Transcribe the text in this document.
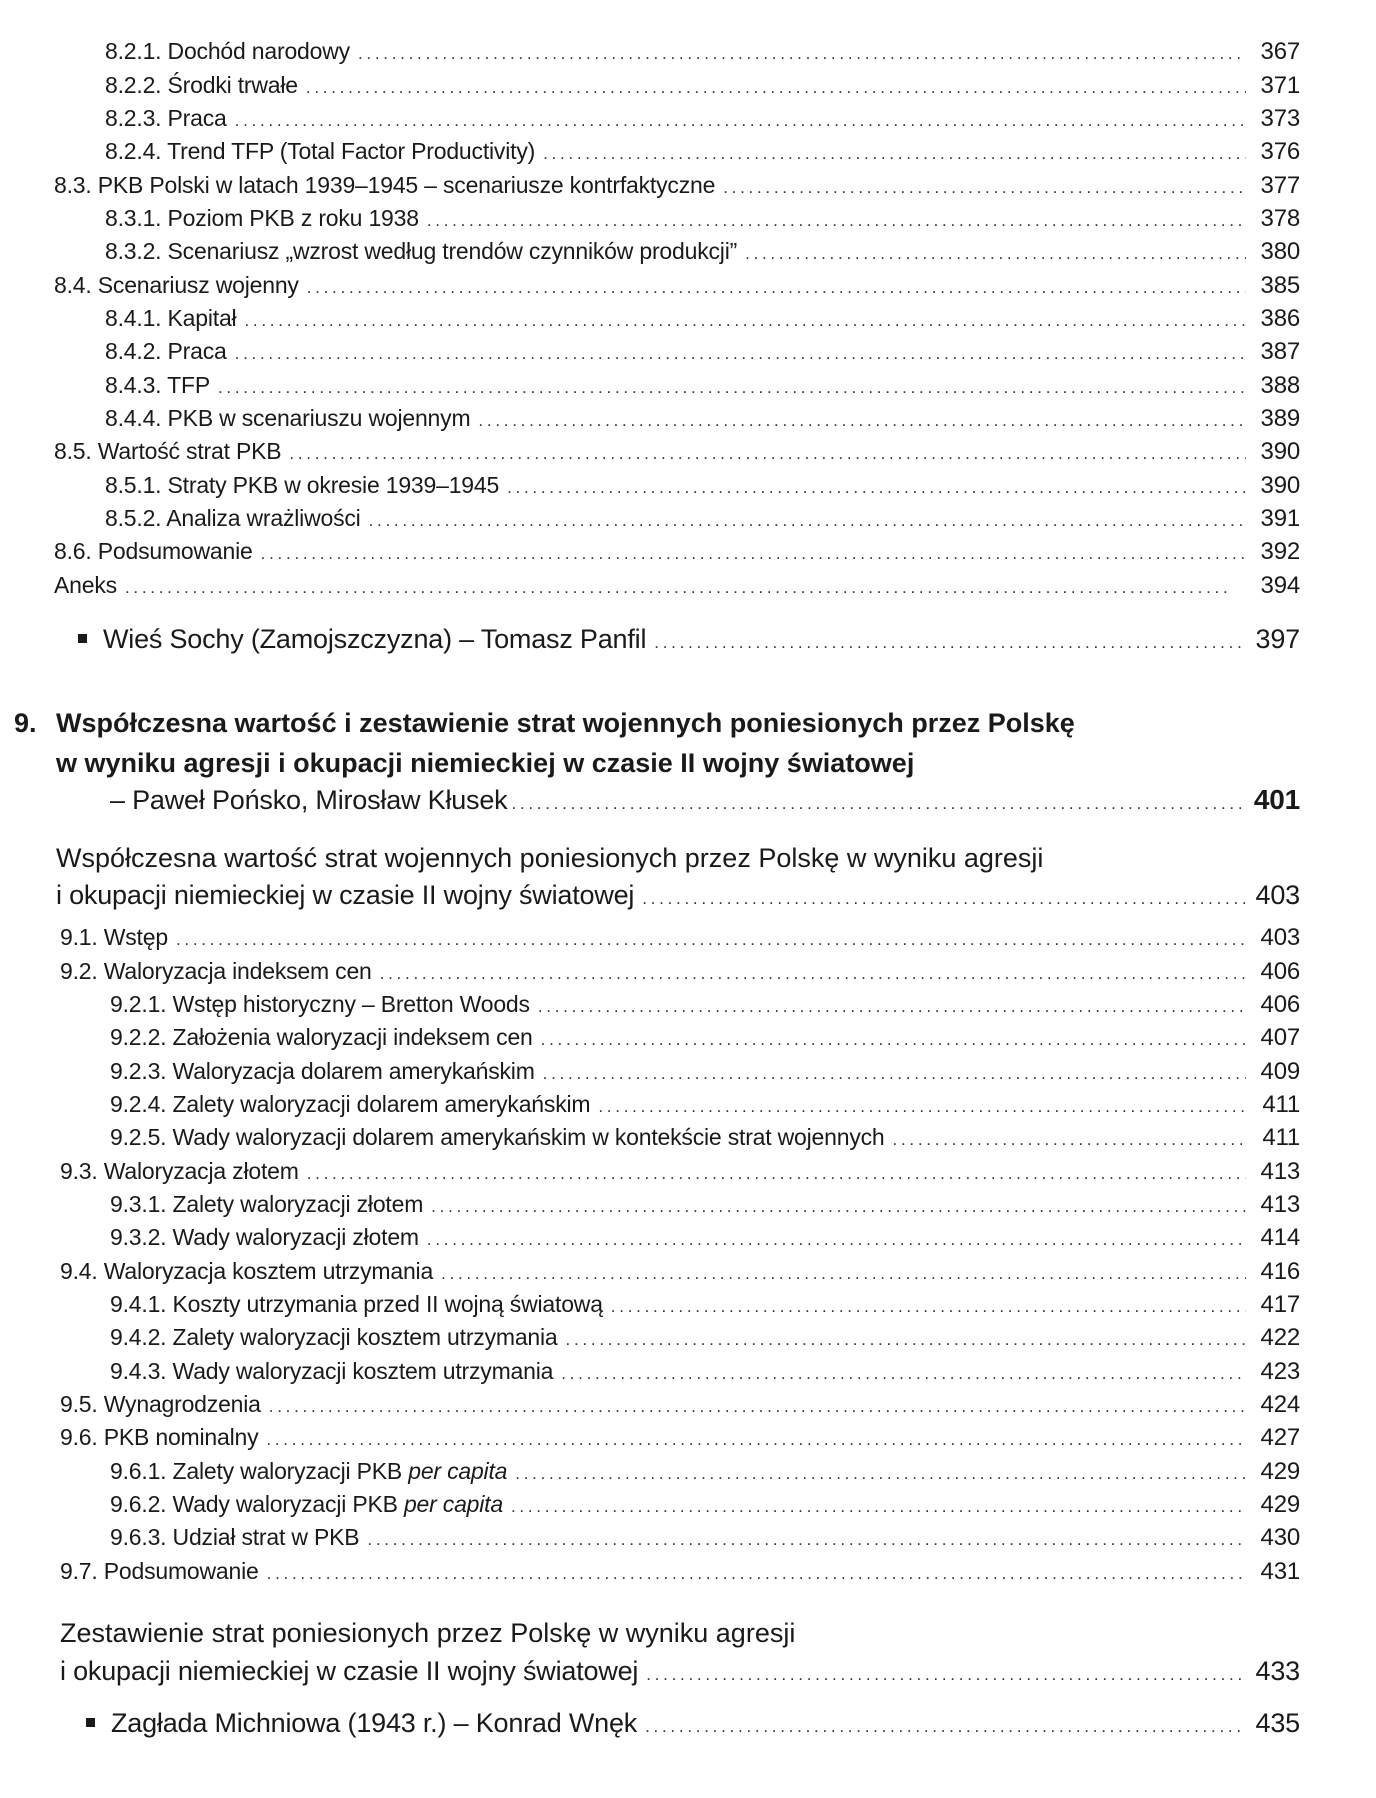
8.2.1. Dochód narodowy . . .	367
8.2.2. Środki trwałe . . .	371
8.2.3. Praca . . .	373
8.2.4. Trend TFP (Total Factor Productivity) . . .	376
8.3. PKB Polski w latach 1939–1945 – scenariusze kontrfaktyczne . . .	377
8.3.1. Poziom PKB z roku 1938 . . .	378
8.3.2. Scenariusz „wzrost według trendów czynników produkcji” . . .	380
8.4. Scenariusz wojenny . . .	385
8.4.1. Kapitał . . .	386
8.4.2. Praca . . .	387
8.4.3. TFP . . .	388
8.4.4. PKB w scenariuszu wojennym . . .	389
8.5. Wartość strat PKB . . .	390
8.5.1. Straty PKB w okresie 1939–1945 . . .	390
8.5.2. Analiza wrażliwości . . .	391
8.6. Podsumowanie . . .	392
Aneks . . .	394
Wieś Sochy (Zamojszczyzna) – Tomasz Panfil . . .	397
9. Współczesna wartość i zestawienie strat wojennych poniesionych przez Polskę
w wyniku agresji i okupacji niemieckiej w czasie II wojny światowej
– Paweł Pońsko, Mirosław Kłusek . . .	401
Współczesna wartość strat wojennych poniesionych przez Polskę w wyniku agresji
i okupacji niemieckiej w czasie II wojny światowej . . .	403
9.1. Wstęp . . .	403
9.2. Waloryzacja indeksem cen . . .	406
9.2.1. Wstęp historyczny – Bretton Woods . . .	406
9.2.2. Założenia waloryzacji indeksem cen . . .	407
9.2.3. Waloryzacja dolarem amerykańskim . . .	409
9.2.4. Zalety waloryzacji dolarem amerykańskim . . .	411
9.2.5. Wady waloryzacji dolarem amerykańskim w kontekście strat wojennych . . .	411
9.3. Waloryzacja złotem . . .	413
9.3.1. Zalety waloryzacji złotem . . .	413
9.3.2. Wady waloryzacji złotem . . .	414
9.4. Waloryzacja kosztem utrzymania . . .	416
9.4.1. Koszty utrzymania przed II wojną światową . . .	417
9.4.2. Zalety waloryzacji kosztem utrzymania . . .	422
9.4.3. Wady waloryzacji kosztem utrzymania . . .	423
9.5. Wynagrodzenia . . .	424
9.6. PKB nominalny . . .	427
9.6.1. Zalety waloryzacji PKB per capita . . .	429
9.6.2. Wady waloryzacji PKB per capita . . .	429
9.6.3. Udział strat w PKB . . .	430
9.7. Podsumowanie . . .	431
Zestawienie strat poniesionych przez Polskę w wyniku agresji
i okupacji niemieckiej w czasie II wojny światowej . . .	433
Zagłada Michniowa (1943 r.) – Konrad Wnęk . . .	435
